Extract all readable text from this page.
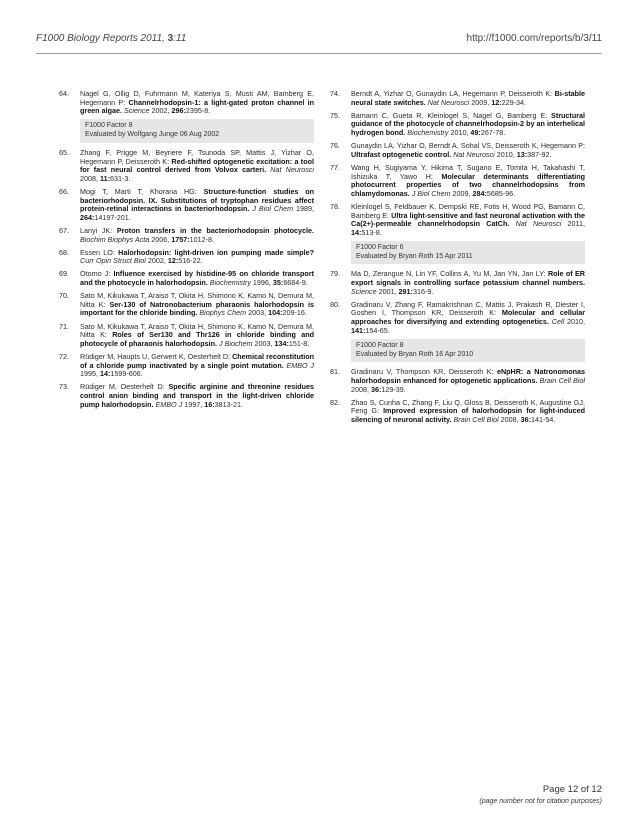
F1000 Biology Reports 2011, 3:11	http://f1000.com/reports/b/3/11
64. Nagel G, Ollig D, Fuhrmann M, Kateriya S, Musti AM, Bamberg E, Hegemann P: Channelrhodopsin-1: a light-gated proton channel in green algae. Science 2002, 296:2395-8.
F1000 Factor 8
Evaluated by Wolfgang Junge 06 Aug 2002
65. Zhang F, Prigge M, Beyriere F, Tsunoda SP, Mattis J, Yizhar O, Hegemann P, Deisseroth K: Red-shifted optogenetic excitation: a tool for fast neural control derived from Volvox carteri. Nat Neurosci 2008, 11:631-3.
66. Mogi T, Marti T, Khorana HG: Structure-function studies on bacteriorhodopsin. IX. Substitutions of tryptophan residues affect protein-retinal interactions in bacteriorhodopsin. J Biol Chem 1989, 264:14197-201.
67. Lanyi JK: Proton transfers in the bacteriorhodopsin photocycle. Biochim Biophys Acta 2006, 1757:1012-8.
68. Essen LO: Halorhodopsin: light-driven ion pumping made simple? Curr Opin Struct Biol 2002, 12:516-22.
69. Otomo J: Influence exercised by histidine-95 on chloride transport and the photocycle in halorhodopsin. Biochemistry 1996, 35:6684-9.
70. Sato M, Kikukawa T, Araiso T, Okita H, Shimono K, Kamo N, Demura M, Nitta K: Ser-130 of Natronobacterium pharaonis halorhodopsin is important for the chloride binding. Biophys Chem 2003, 104:209-16.
71. Sato M, Kikukawa T, Araiso T, Okita H, Shimono K, Kamo N, Demura M, Nitta K: Roles of Ser130 and Thr126 in chloride binding and photocycle of pharaonis halorhodopsin. J Biochem 2003, 134:151-8.
72. Rüdiger M, Haupts U, Gerwert K, Oesterhelt D: Chemical reconstitution of a chloride pump inactivated by a single point mutation. EMBO J 1995, 14:1599-606.
73. Rüdiger M, Oesterhelt D: Specific arginine and threonine residues control anion binding and transport in the light-driven chloride pump halorhodopsin. EMBO J 1997, 16:3813-21.
74. Berndt A, Yizhar O, Gunaydin LA, Hegemann P, Deisseroth K: Bi-stable neural state switches. Nat Neurosci 2009, 12:229-34.
75. Bamann C, Gueta R, Kleinlogel S, Nagel G, Bamberg E: Structural guidance of the photocycle of channelrhodopsin-2 by an interhelical hydrogen bond. Biochemistry 2010, 49:267-78.
76. Gunaydin LA, Yizhar O, Berndt A, Sohal VS, Deisseroth K, Hegemann P: Ultrafast optogenetic control. Nat Neurosci 2010, 13:387-92.
77. Wang H, Sugiyama Y, Hikima T, Sugano E, Tomita H, Takahashi T, Ishizuka T, Yawo H: Molecular determinants differentiating photocurrent properties of two channelrhodopsins from chlamydomonas. J Biol Chem 2009, 284:5685-96.
78. Kleinlogel S, Feldbauer K, Dempski RE, Fotis H, Wood PG, Bamann C, Bamberg E: Ultra light-sensitive and fast neuronal activation with the Ca(2+)-permeable channelrhodopsin CatCh. Nat Neurosci 2011, 14:513-8.
F1000 Factor 6
Evaluated by Bryan Roth 15 Apr 2011
79. Ma D, Zerangue N, Lin YF, Collins A, Yu M, Jan YN, Jan LY: Role of ER export signals in controlling surface potassium channel numbers. Science 2001, 291:316-9.
80. Gradinaru V, Zhang F, Ramakrishnan C, Mattis J, Prakash R, Diester I, Goshen I, Thompson KR, Deisseroth K: Molecular and cellular approaches for diversifying and extending optogenetics. Cell 2010, 141:154-65.
F1000 Factor 8
Evaluated by Bryan Roth 16 Apr 2010
81. Gradinaru V, Thompson KR, Deisseroth K: eNpHR: a Natronomonas halorhodopsin enhanced for optogenetic applications. Brain Cell Biol 2008, 36:129-39.
82. Zhao S, Cunha C, Zhang F, Liu Q, Gloss B, Deisseroth K, Augustine GJ, Feng G: Improved expression of halorhodopsin for light-induced silencing of neuronal activity. Brain Cell Biol 2008, 36:141-54.
Page 12 of 12
(page number not for citation purposes)
